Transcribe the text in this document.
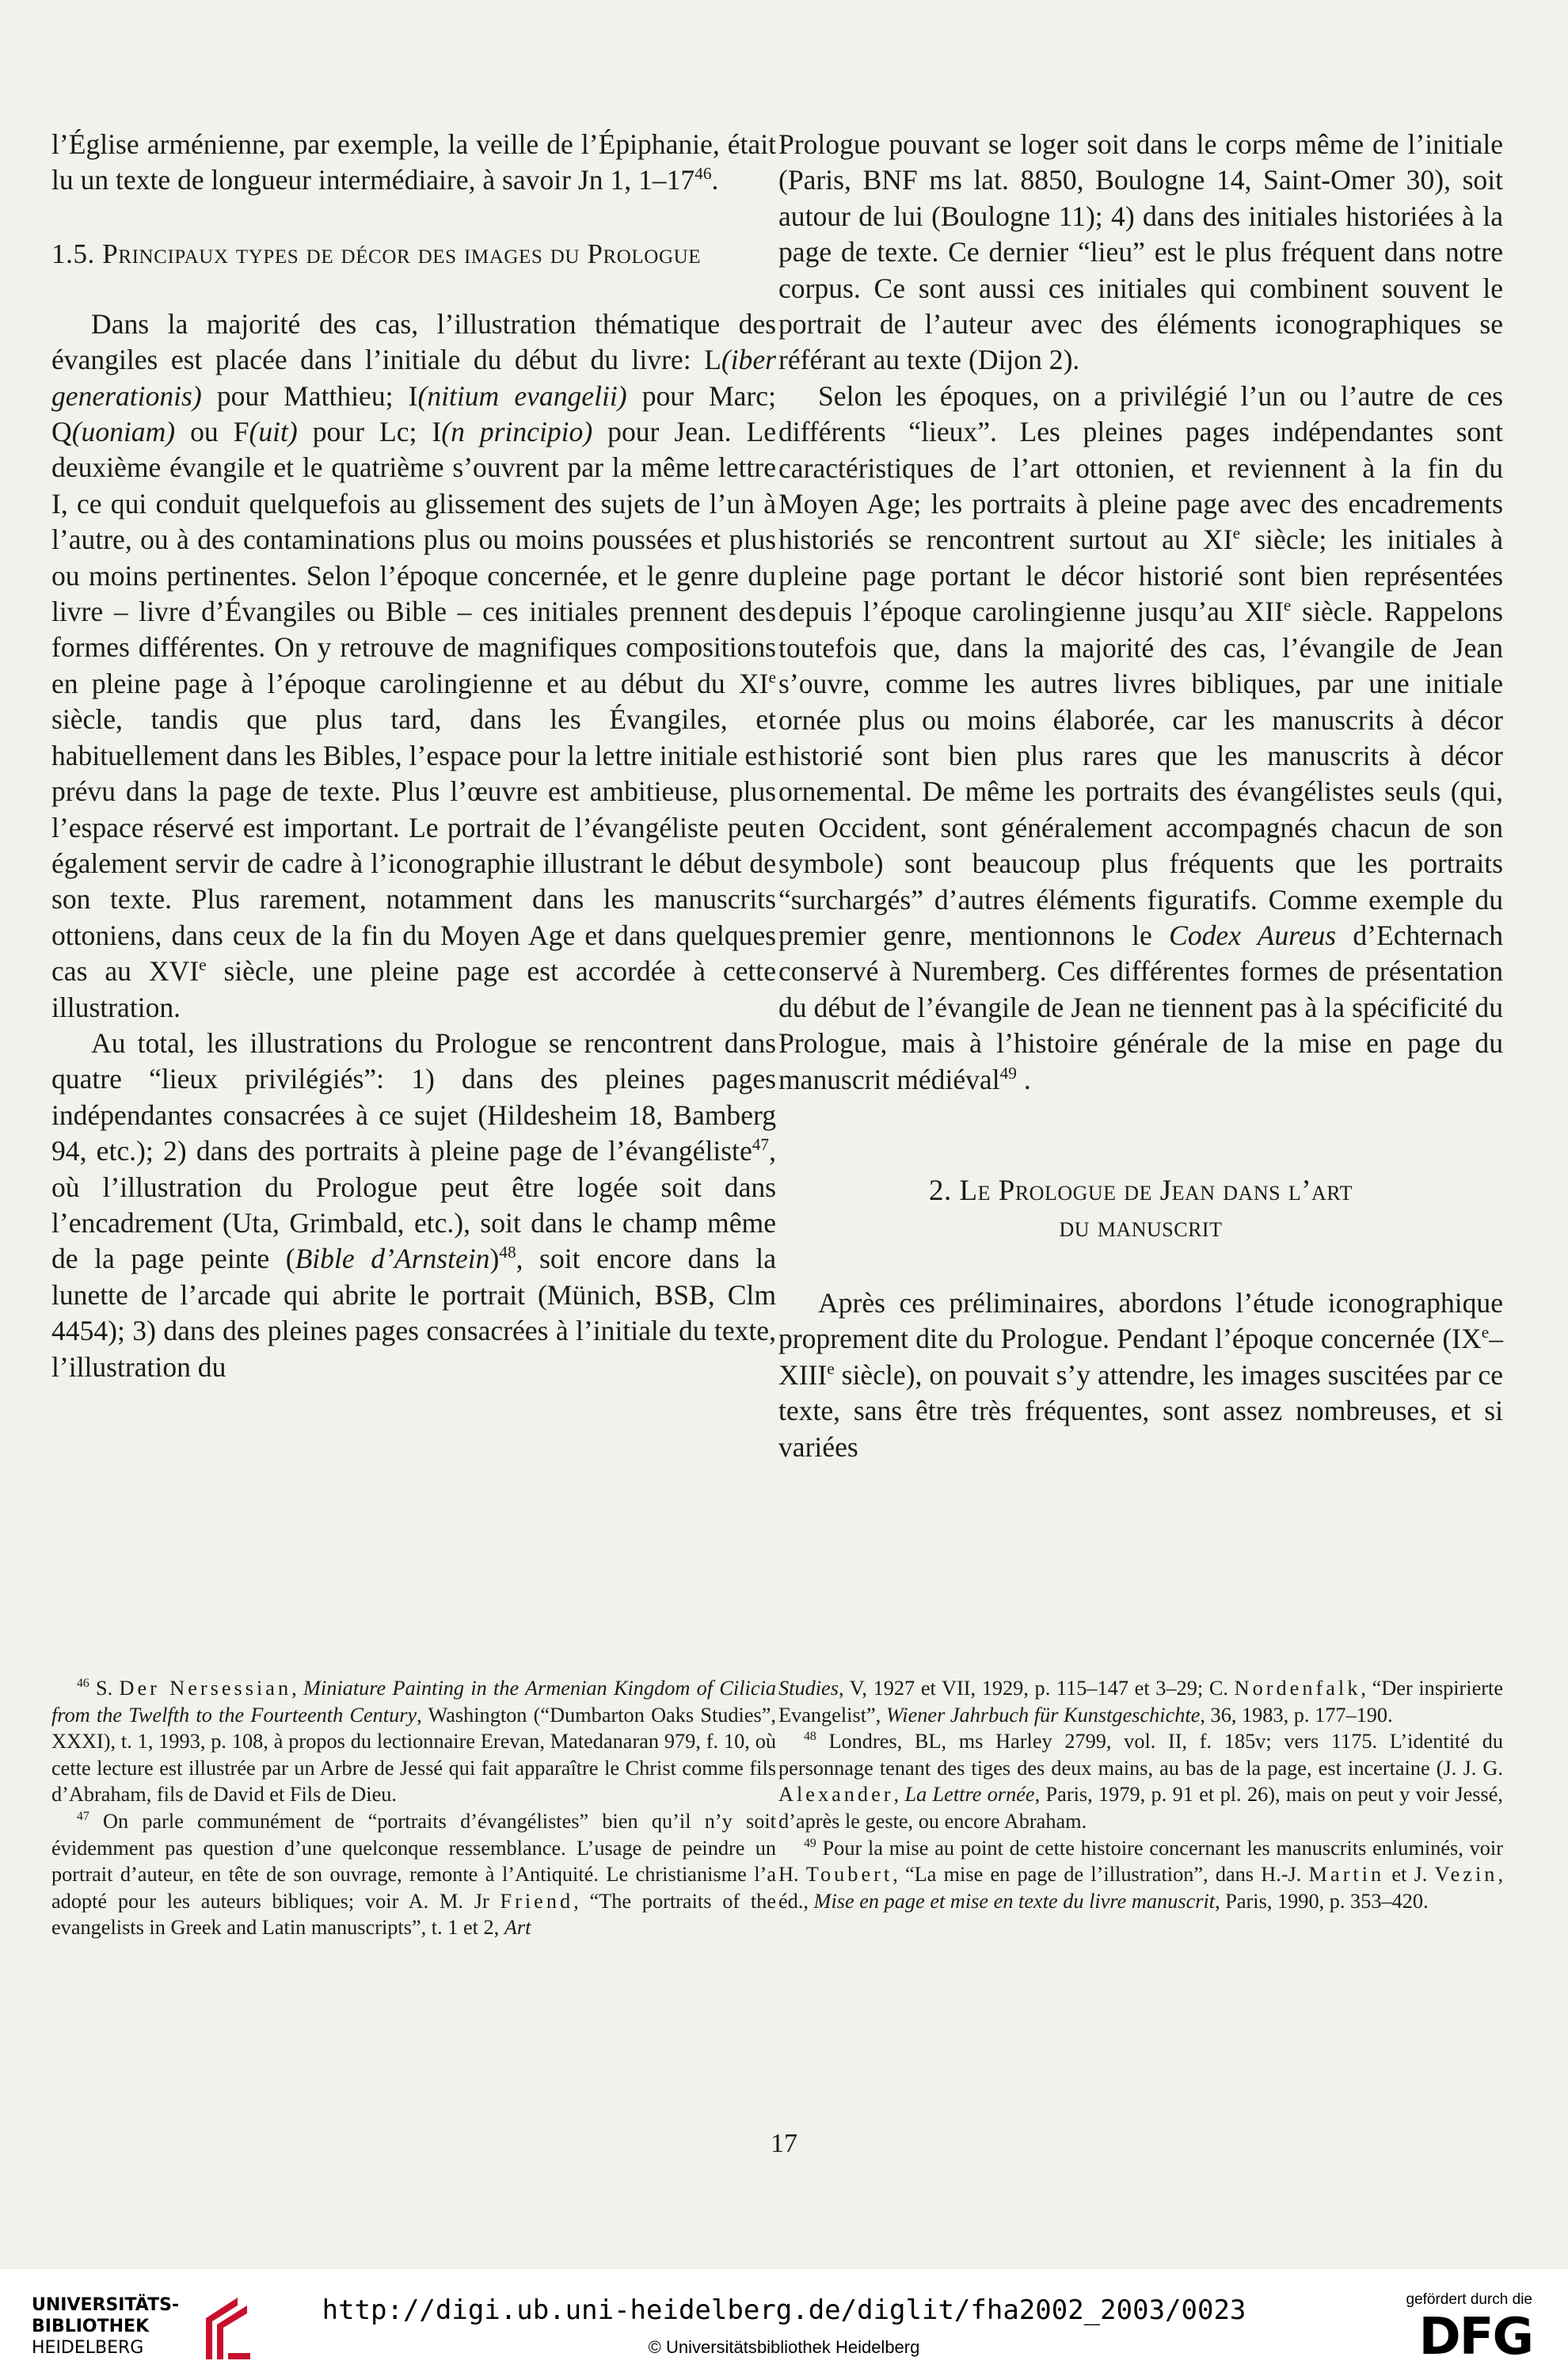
l’Église arménienne, par exemple, la veille de l’Épiphanie, était lu un texte de longueur intermédiaire, à savoir Jn 1, $1-17^{46}$.

1.5. Principaux types de décor des images du Prologue

Dans la majorité des cas, l’illustration thématique des évangiles est placée dans l’initiale du début du livre: L(iber generationis) pour Matthieu; I(nitium evangelii) pour Marc; Q(uoniam) ou F(uit) pour Lc; I(n principio) pour Jean. Le deuxième évangile et le quatrième s’ouvrent par la même lettre I, ce qui conduit quelquefois au glissement des sujets de l’un à l’autre, ou à des contaminations plus ou moins poussées et plus ou moins pertinentes. Selon l’époque concernée, et le genre du livre – livre d’Évangiles ou Bible – ces initiales prennent des formes différentes. On y retrouve de magnifiques compositions en pleine page à l’époque carolingienne et au début du XIe siècle, tandis que plus tard, dans les Évangiles, et habituellement dans les Bibles, l’espace pour la lettre initiale est prévu dans la page de texte. Plus l’œuvre est ambitieuse, plus l’espace réservé est important. Le portrait de l’évangéliste peut également servir de cadre à l’iconographie illustrant le début de son texte. Plus rarement, notamment dans les manuscrits ottoniens, dans ceux de la fin du Moyen Age et dans quelques cas au XVIe siècle, une pleine page est accordée à cette illustration.

Au total, les illustrations du Prologue se rencontrent dans quatre “lieux privilégiés”: 1) dans des pleines pages indépendantes consacrées à ce sujet (Hildesheim 18, Bamberg 94, etc.); 2) dans des portraits à pleine page de l’évangéliste$^{47}$, où l’illustration du Prologue peut être logée soit dans l’encadrement (Uta, Grimbald, etc.), soit dans le champ même de la page peinte (Bible d’Arnstein)$^{48}$, soit encore dans la lunette de l’arcade qui abrite le portrait (Münich, BSB, Clm 4454); 3) dans des pleines pages consacrées à l’initiale du texte, l’illustration du

Prologue pouvant se loger soit dans le corps même de l’initiale (Paris, BNF ms lat. 8850, Boulogne 14, Saint-Omer 30), soit autour de lui (Boulogne 11); 4) dans des initiales historiées à la page de texte. Ce dernier “lieu” est le plus fréquent dans notre corpus. Ce sont aussi ces initiales qui combinent souvent le portrait de l’auteur avec des éléments iconographiques se référant au texte (Dijon 2).

Selon les époques, on a privilégié l’un ou l’autre de ces différents “lieux”. Les pleines pages indépendantes sont caractéristiques de l’art ottonien, et reviennent à la fin du Moyen Age; les portraits à pleine page avec des encadrements historiés se rencontrent surtout au XIe siècle; les initiales à pleine page portant le décor historié sont bien représentées depuis l’époque carolingienne jusqu’au XIIe siècle. Rappelons toutefois que, dans la majorité des cas, l’évangile de Jean s’ouvre, comme les autres livres bibliques, par une initiale ornée plus ou moins élaborée, car les manuscrits à décor historié sont bien plus rares que les manuscrits à décor ornemental. De même les portraits des évangélistes seuls (qui, en Occident, sont généralement accompagnés chacun de son symbole) sont beaucoup plus fréquents que les portraits “surchargés” d’autres éléments figuratifs. Comme exemple du premier genre, mentionnons le Codex Aureus d’Echternach conservé à Nuremberg. Ces différentes formes de présentation du début de l’évangile de Jean ne tiennent pas à la spécificité du Prologue, mais à l’histoire générale de la mise en page du manuscrit médiéval$^{49}$ .

2. Le Prologue de Jean dans l’art
du manuscrit

Après ces préliminaires, abordons l’étude iconographique proprement dite du Prologue. Pendant l’époque concernée (IXe–XIIIe siècle), on pouvait s’y attendre, les images suscitées par ce texte, sans être très fréquentes, sont assez nombreuses, et si variées

$^{46}$ S. Der Nersessian, Miniature Painting in the Armenian Kingdom of Cilicia from the Twelfth to the Fourteenth Century, Washington (“Dumbarton Oaks Studies”, XXXI), t. 1, 1993, p. 108, à propos du lectionnaire Erevan, Matedanaran 979, f. 10, où cette lecture est illustrée par un Arbre de Jessé qui fait apparaître le Christ comme fils d’Abraham, fils de David et Fils de Dieu.

$^{47}$ On parle communément de “portraits d’évangélistes” bien qu’il n’y soit évidemment pas question d’une quelconque ressemblance. L’usage de peindre un portrait d’auteur, en tête de son ouvrage, remonte à l’Antiquité. Le christianisme l’a adopté pour les auteurs bibliques; voir A. M. Jr Friend, “The portraits of the evangelists in Greek and Latin manuscripts”, t. 1 et 2, Art

Studies, V, 1927 et VII, 1929, p. 115–147 et 3–29; C. Nordenfalk, “Der inspirierte Evangelist”, Wiener Jahrbuch für Kunstgeschichte, 36, 1983, p. 177–190.

$^{48}$ Londres, BL, ms Harley 2799, vol. II, f. 185v; vers 1175. L’identité du personnage tenant des tiges des deux mains, au bas de la page, est incertaine (J. J. G. Alexander, La Lettre ornée, Paris, 1979, p. 91 et pl. 26), mais on peut y voir Jessé, d’après le geste, ou encore Abraham.

$^{49}$ Pour la mise au point de cette histoire concernant les manuscrits enluminés, voir H. Toubert, “La mise en page de l’illustration”, dans H.-J. Martin et J. Vezin, éd., Mise en page et mise en texte du livre manuscrit, Paris, 1990, p. 353–420.

17
UNIVERSITÄTS-
BIBLIOTHEK
HEIDELBERG
http://digi.ub.uni-heidelberg.de/diglit/fha2002_2003/0023
© Universitätsbibliothek Heidelberg
gefördert durch die
DFG
